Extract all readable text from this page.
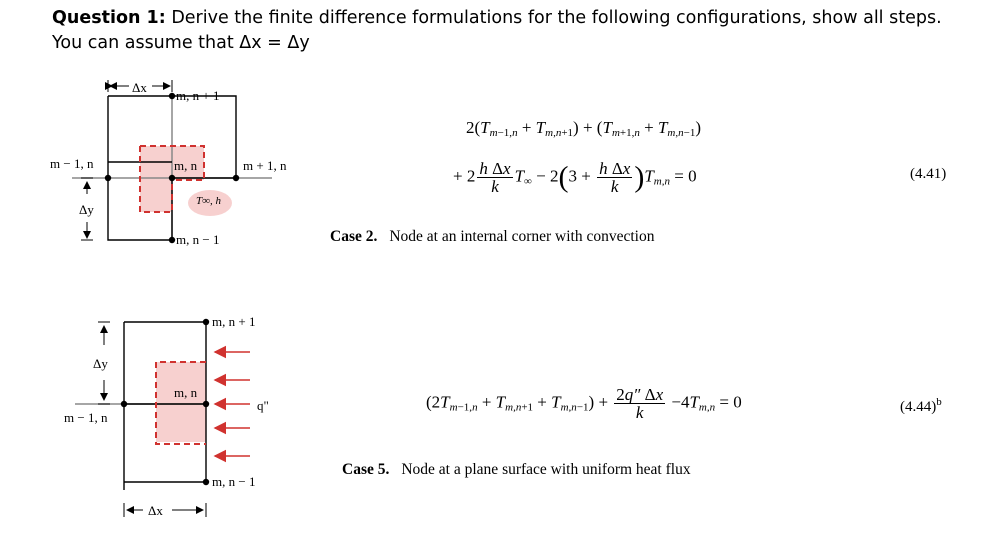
Question 1: Derive the finite difference formulations for the following configurations, show all steps.
You can assume that Δx = Δy
Δx
m, n + 1
m − 1, n	m, n	m + 1, n
Δy
T∞, h
m, n − 1
m, n + 1
Δy
m, n
q"
m − 1, n
m, n − 1
Δx
$2(T_{m-1,n} + T_{m,n+1}) + (T_{m+1,n} + T_{m,n-1})$
+ $2 \frac{\text{h Δx}}{k} T_\infty - 2(3 + \frac{\text{h Δx}}{k} )T_{m,n} = 0$	(4.41)
Case 2. Node at an internal corner with convection
$(2T_{m-1,n} + T_{m,n+1} + T_{m,n-1}) + \frac{2q'' \Delta x}{k} -4T_{m,n} = 0$	$(4.44)^b$
Case 5. Node at a plane surface with uniform heat flux
